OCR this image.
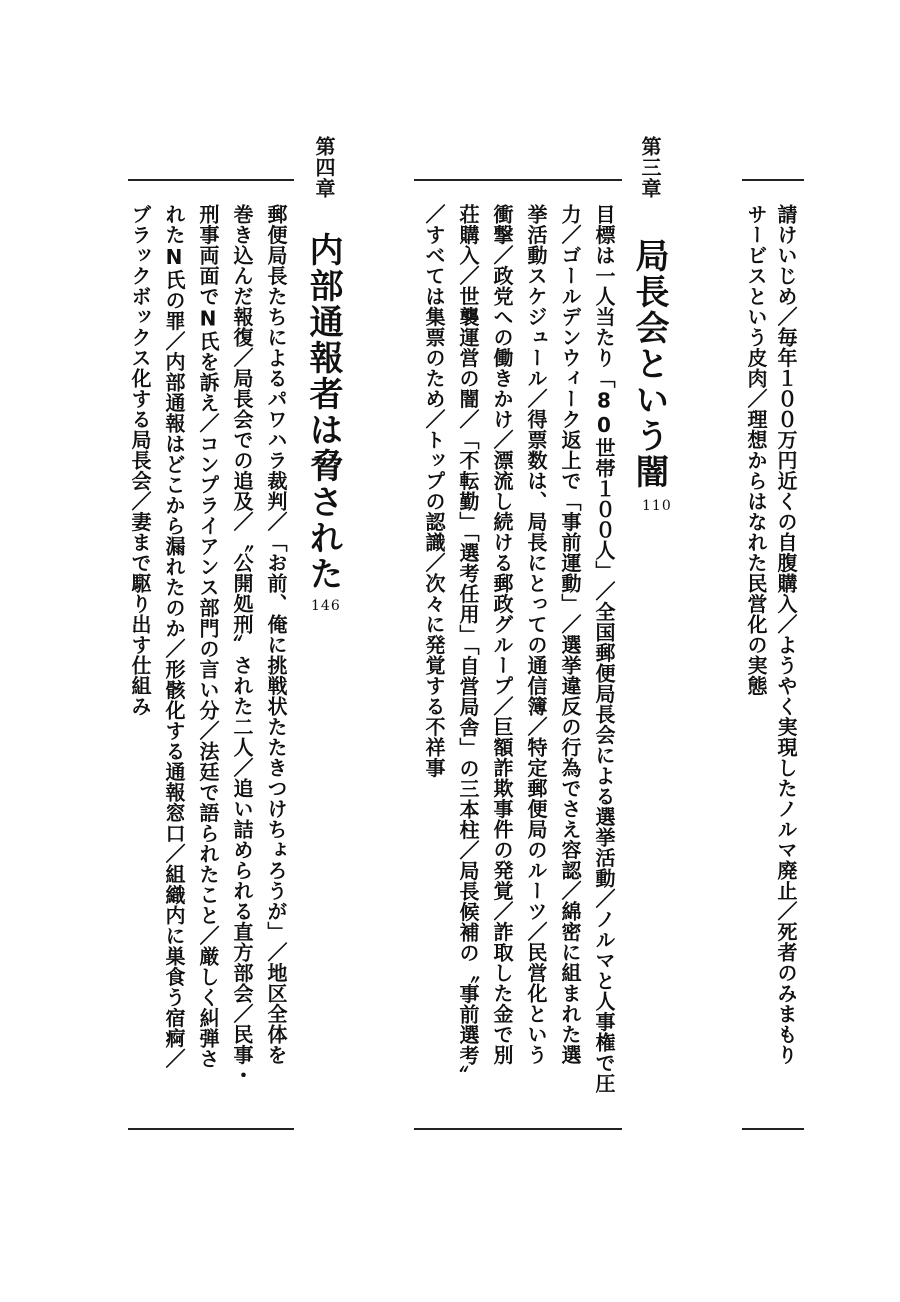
請けいじめ／毎年１００万円近くの自腹購入／ようやく実現したノルマ廃止／死者のみまもり
サービスという皮肉／理想からはなれた民営化の実態
第三章
局長会という闇
110
目標は一人当たり「80世帯１００人」／全国郵便局長会による選挙活動／ノルマと人事権で圧
力／ゴールデンウィーク返上で「事前運動」／選挙違反の行為でさえ容認／綿密に組まれた選
挙活動スケジュール／得票数は、局長にとっての通信簿／特定郵便局のルーツ／民営化という
衝撃／政党への働きかけ／漂流し続ける郵政グループ／巨額詐欺事件の発覚／詐取した金で別
荘購入／世襲運営の闇／「不転勤」「選考任用」「自営局舎」の三本柱／局長候補の〝事前選考〟
／すべては集票のため／トップの認識／次々に発覚する不祥事
第四章
内部通報者は脅された
146
郵便局長たちによるパワハラ裁判／「お前、俺に挑戦状たたきつけちょろうが」／地区全体を
巻き込んだ報復／局長会での追及／〝公開処刑〟された二人／追い詰められる直方部会／民事・
刑事両面でN氏を訴え／コンプライアンス部門の言い分／法廷で語られたこと／厳しく糾弾さ
れたN氏の罪／内部通報はどこから漏れたのか／形骸化する通報窓口／組織内に巣食う宿痾／
ブラックボックス化する局長会／妻まで駆り出す仕組み
